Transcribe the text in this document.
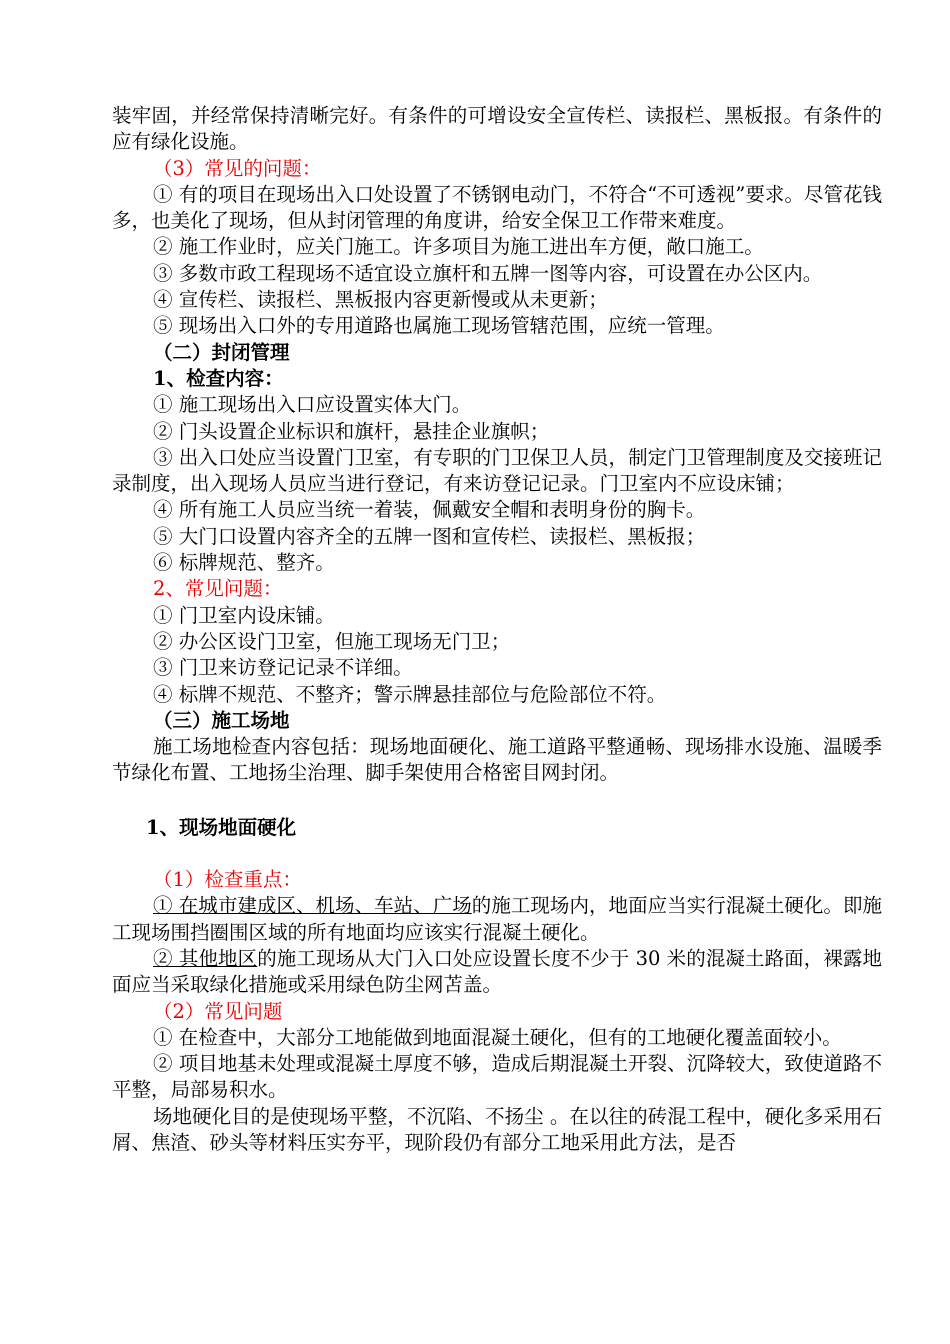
装牢固，并经常保持清晰完好。有条件的可增设安全宣传栏、读报栏、黑板报。有条件的应有绿化设施。

（3）常见的问题：

① 有的项目在现场出入口处设置了不锈钢电动门，不符合“不可透视”要求。尽管花钱多，也美化了现场，但从封闭管理的角度讲，给安全保卫工作带来难度。

② 施工作业时，应关门施工。许多项目为施工进出车方便，敞口施工。

③ 多数市政工程现场不适宜设立旗杆和五牌一图等内容，可设置在办公区内。

④ 宣传栏、读报栏、黑板报内容更新慢或从未更新；

⑤ 现场出入口外的专用道路也属施工现场管辖范围，应统一管理。

（二）封闭管理

1、检查内容：

① 施工现场出入口应设置实体大门。

② 门头设置企业标识和旗杆，悬挂企业旗帜；

③ 出入口处应当设置门卫室，有专职的门卫保卫人员，制定门卫管理制度及交接班记录制度，出入现场人员应当进行登记，有来访登记记录。门卫室内不应设床铺；

④ 所有施工人员应当统一着装，佩戴安全帽和表明身份的胸卡。

⑤ 大门口设置内容齐全的五牌一图和宣传栏、读报栏、黑板报；

⑥ 标牌规范、整齐。

2、常见问题：

① 门卫室内设床铺。

② 办公区设门卫室，但施工现场无门卫；

③ 门卫来访登记记录不详细。

④ 标牌不规范、不整齐；警示牌悬挂部位与危险部位不符。

（三）施工场地

施工场地检查内容包括：现场地面硬化、施工道路平整通畅、现场排水设施、温暖季节绿化布置、工地扬尘治理、脚手架使用合格密目网封闭。

1、现场地面硬化

（1）检查重点：

① 在城市建成区、机场、车站、广场的施工现场内，地面应当实行混凝土硬化。即施工现场围挡圈围区域的所有地面均应该实行混凝土硬化。

② 其他地区的施工现场从大门入口处应设置长度不少于 30 米的混凝土路面，裸露地面应当采取绿化措施或采用绿色防尘网苫盖。

（2）常见问题

① 在检查中，大部分工地能做到地面混凝土硬化，但有的工地硬化覆盖面较小。

② 项目地基未处理或混凝土厚度不够，造成后期混凝土开裂、沉降较大，致使道路不平整，局部易积水。

场地硬化目的是使现场平整，不沉陷、不扬尘 。在以往的砖混工程中，硬化多采用石屑、焦渣、砂头等材料压实夯平，现阶段仍有部分工地采用此方法，是否
